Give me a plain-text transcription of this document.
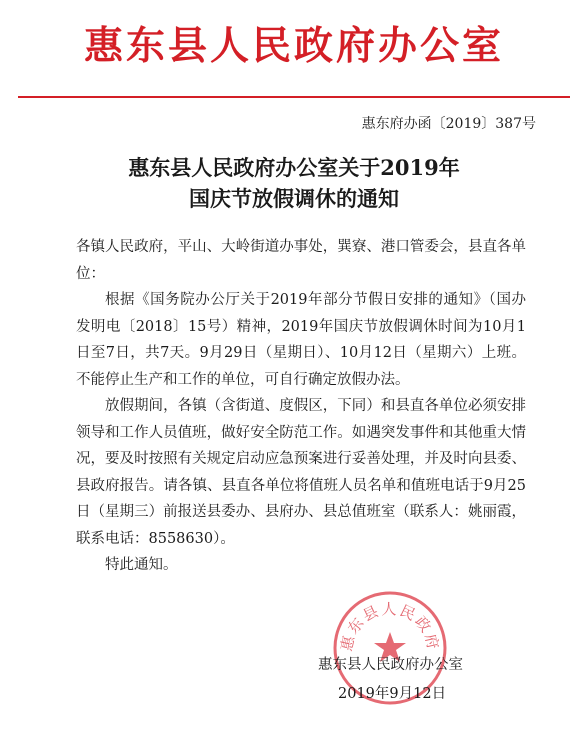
惠东县人民政府办公室
惠东府办函〔2019〕387号
惠东县人民政府办公室关于2019年
国庆节放假调休的通知

各镇人民政府，平山、大岭街道办事处，巽寮、港口管委会，县直各单位：

根据《国务院办公厅关于2019年部分节假日安排的通知》（国办发明电〔2018〕15号）精神，2019年国庆节放假调休时间为10月1日至7日，共7天。9月29日（星期日）、10月12日（星期六）上班。不能停止生产和工作的单位，可自行确定放假办法。

放假期间，各镇（含街道、度假区，下同）和县直各单位必须安排领导和工作人员值班，做好安全防范工作。如遇突发事件和其他重大情况，要及时按照有关规定启动应急预案进行妥善处理，并及时向县委、县政府报告。请各镇、县直各单位将值班人员名单和值班电话于9月25日（星期三）前报送县委办、县府办、县总值班室（联系人：姚丽霞，联系电话：8558630）。

特此通知。

惠东县人民政府
惠东县人民政府办公室
2019年9月12日
